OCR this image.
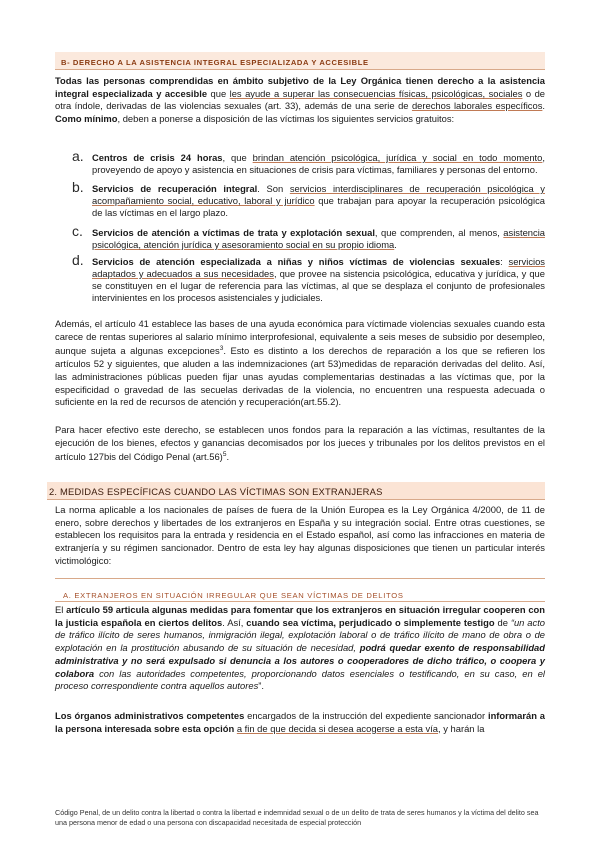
B- DERECHO A LA ASISTENCIA INTEGRAL ESPECIALIZADA Y ACCESIBLE
Todas las personas comprendidas en ámbito subjetivo de la Ley Orgánica tienen derecho a la asistencia integral especializada y accesible que les ayude a superar las consecuencias físicas, psicológicas, sociales o de otra índole, derivadas de las violencias sexuales (art. 33), además de una serie de derechos laborales específicos. Como mínimo, deben a ponerse a disposición de las víctimas los siguientes servicios gratuitos:
a. Centros de crisis 24 horas, que brindan atención psicológica, jurídica y social en todo momento, proveyendo de apoyo y asistencia en situaciones de crisis para víctimas, familiares y personas del entorno.
b. Servicios de recuperación integral. Son servicios interdisciplinares de recuperación psicológica y acompañamiento social, educativo, laboral y jurídico que trabajan para apoyar la recuperación psicológica de las víctimas en el largo plazo.
c. Servicios de atención a víctimas de trata y explotación sexual, que comprenden, al menos, asistencia psicológica, atención jurídica y asesoramiento social en su propio idioma.
d. Servicios de atención especializada a niñas y niños víctimas de violencias sexuales: servicios adaptados y adecuados a sus necesidades, que provee na sistencia psicológica, educativa y jurídica, y que se constituyen en el lugar de referencia para las víctimas, al que se desplaza el conjunto de profesionales intervinientes en los procesos asistenciales y judiciales.
Además, el artículo 41 establece las bases de una ayuda económica para víctimade violencias sexuales cuando esta carece de rentas superiores al salario mínimo interprofesional, equivalente a seis meses de subsidio por desempleo, aunque sujeta a algunas excepciones$^3$. Esto es distinto a los derechos de reparación a los que se refieren los artículos 52 y siguientes, que aluden a las indemnizaciones (art 53)medidas de reparación derivadas del delito. Así, las administraciones públicas pueden fijar unas ayudas complementarias destinadas a las víctimas que, por la especificidad o gravedad de las secuelas derivadas de la violencia, no encuentren una respuesta adecuada o suficiente en la red de recursos de atención y recuperación(art.55.2).
Para hacer efectivo este derecho, se establecen unos fondos para la reparación a las víctimas, resultantes de la ejecución de los bienes, efectos y ganancias decomisados por los jueces y tribunales por los delitos previstos en el artículo 127bis del Código Penal $(art.56)^5$.
2. MEDIDAS ESPECÍFICAS CUANDO LAS VÍCTIMAS SON EXTRANJERAS
La norma aplicable a los nacionales de países de fuera de la Unión Europea es la Ley Orgánica 4/2000, de 11 de enero, sobre derechos y libertades de los extranjeros en España y su integración social. Entre otras cuestiones, se establecen los requisitos para la entrada y residencia en el Estado español, así como las infracciones en materia de extranjería y su régimen sancionador. Dentro de esta ley hay algunas disposiciones que tienen un particular interés victimológico:
A. EXTRANJEROS EN SITUACIÓN IRREGULAR QUE SEAN VÍCTIMAS DE DELITOS
El artículo 59 articula algunas medidas para fomentar que los extranjeros en situación irregular cooperen con la justicia española en ciertos delitos. Así, cuando sea víctima, perjudicado o simplemente testigo de “un acto de tráfico ilícito de seres humanos, inmigración ilegal, explotación laboral o de tráfico ilícito de mano de obra o de explotación en la prostitución abusando de su situación de necesidad, podrá quedar exento de responsabilidad administrativa y no será expulsado si denuncia a los autores o cooperadores de dicho tráfico, o coopera y colabora con las autoridades competentes, proporcionando datos esenciales o testificando, en su caso, en el proceso correspondiente contra aquellos autores”.
Los órganos administrativos competentes encargados de la instrucción del expediente sancionador informarán a la persona interesada sobre esta opción a fin de que decida si desea acogerse a esta vía, y harán la
Código Penal, de un delito contra la libertad o contra la libertad e indemnidad sexual o de un delito de trata de seres humanos y la víctima del delito sea una persona menor de edad o una persona con discapacidad necesitada de especial protección
